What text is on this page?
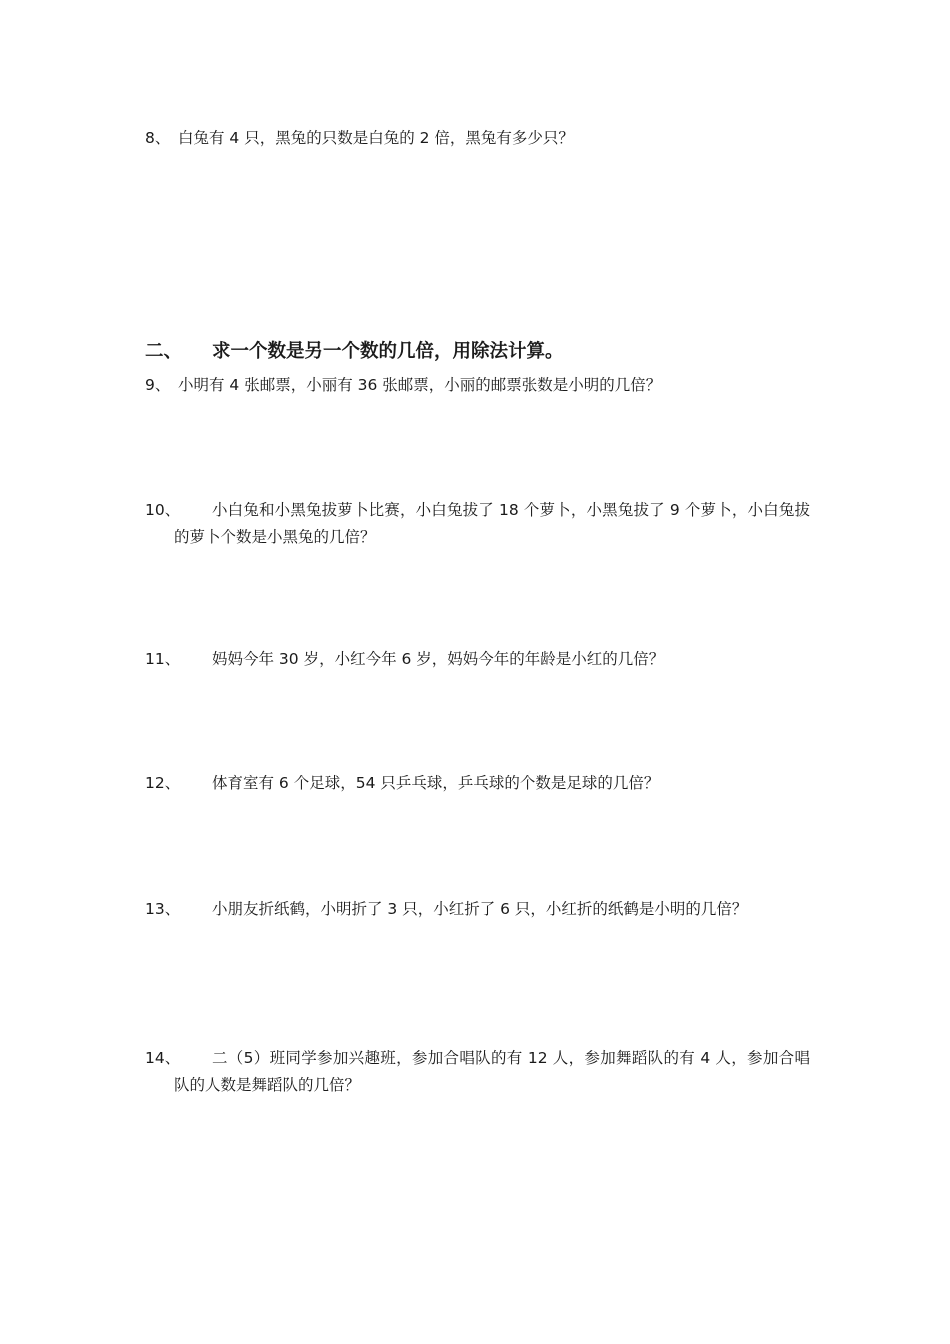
8、 白兔有 4 只，黑兔的只数是白兔的 2 倍，黑兔有多少只？
二、 求一个数是另一个数的几倍，用除法计算。
9、 小明有 4 张邮票，小丽有 36 张邮票，小丽的邮票张数是小明的几倍？
10、	小白兔和小黑兔拔萝卜比赛，小白兔拔了 18 个萝卜，小黑兔拔了 9 个萝卜，小白兔拔的萝卜个数是小黑兔的几倍？
11、	妈妈今年 30 岁，小红今年 6 岁，妈妈今年的年龄是小红的几倍？
12、	体育室有 6 个足球，54 只乒乓球，乒乓球的个数是足球的几倍？
13、	小朋友折纸鹤，小明折了 3 只，小红折了 6 只，小红折的纸鹤是小明的几倍？
14、	二（5）班同学参加兴趣班，参加合唱队的有 12 人，参加舞蹈队的有 4 人，参加合唱队的人数是舞蹈队的几倍？
